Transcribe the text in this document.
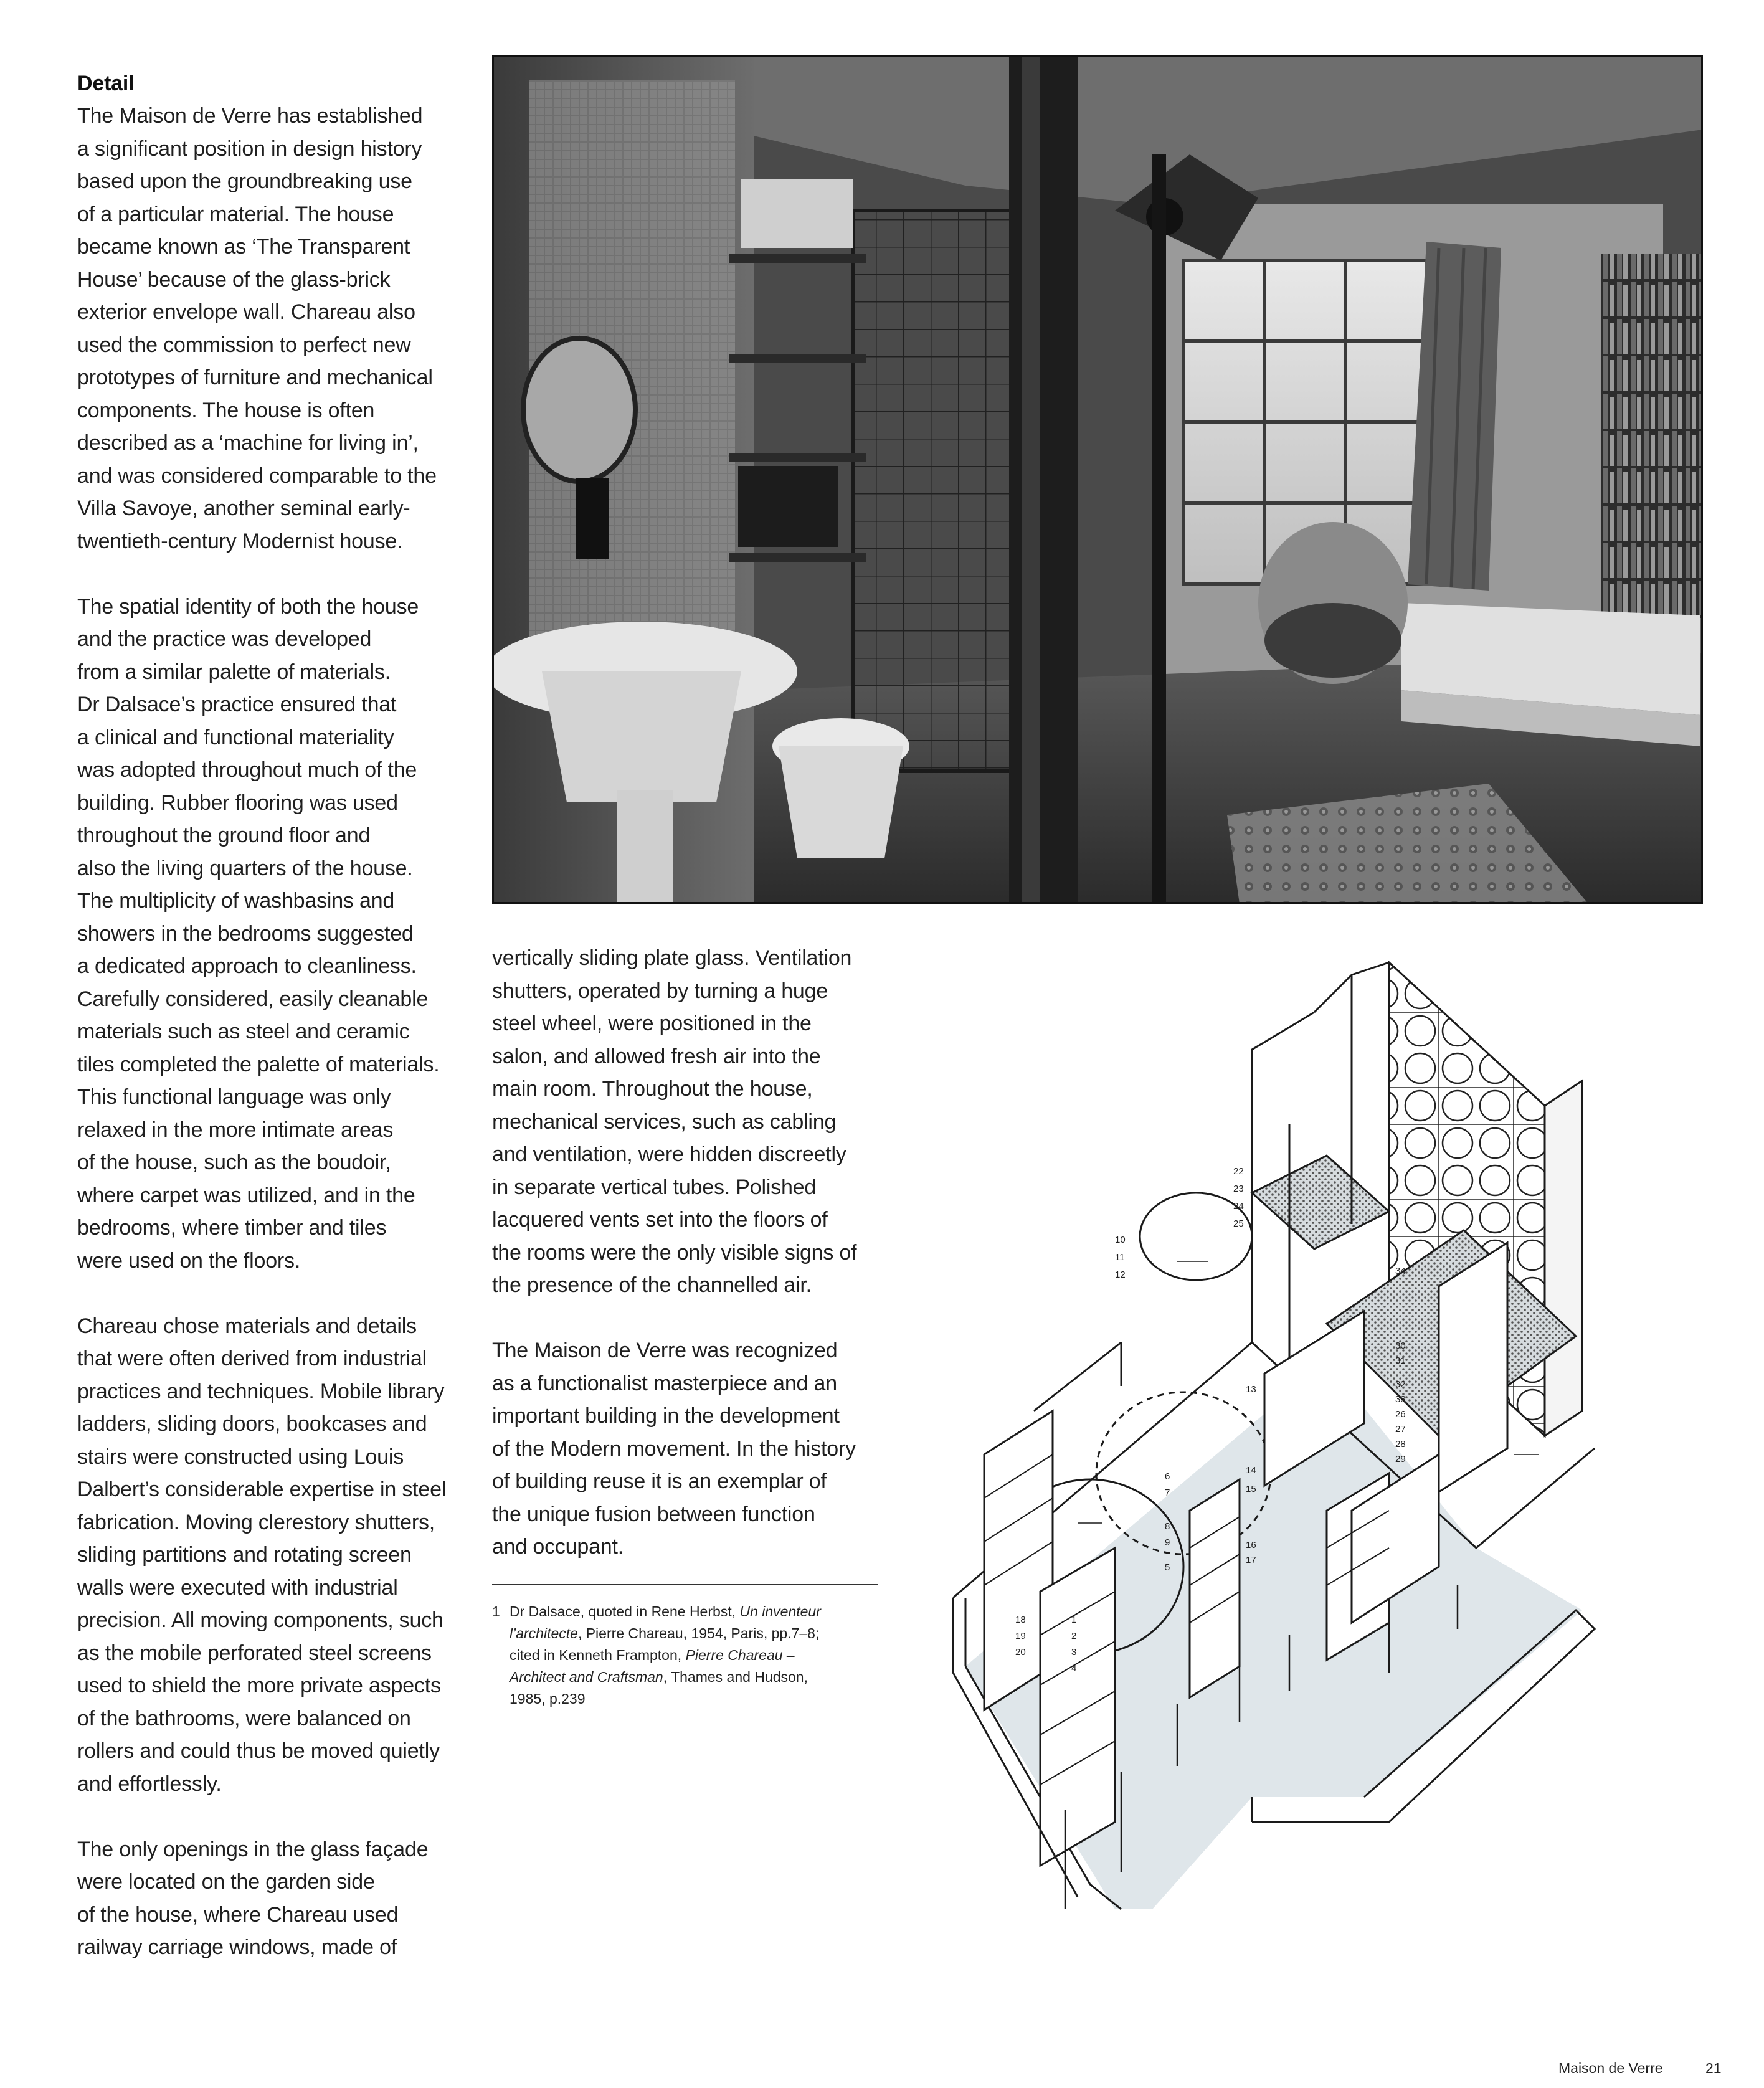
Detail
The Maison de Verre has established
a significant position in design history
based upon the groundbreaking use
of a particular material. The house
became known as ‘The Transparent
House’ because of the glass-brick
exterior envelope wall. Chareau also
used the commission to perfect new
prototypes of furniture and mechanical
components. The house is often
described as a ‘machine for living in’,
and was considered comparable to the
Villa Savoye, another seminal early-
twentieth-century Modernist house.
The spatial identity of both the house
and the practice was developed
from a similar palette of materials.
Dr Dalsace’s practice ensured that
a clinical and functional materiality
was adopted throughout much of the
building. Rubber flooring was used
throughout the ground floor and
also the living quarters of the house.
The multiplicity of washbasins and
showers in the bedrooms suggested
a dedicated approach to cleanliness.
Carefully considered, easily cleanable
materials such as steel and ceramic
tiles completed the palette of materials.
This functional language was only
relaxed in the more intimate areas
of the house, such as the boudoir,
where carpet was utilized, and in the
bedrooms, where timber and tiles
were used on the floors.
Chareau chose materials and details
that were often derived from industrial
practices and techniques. Mobile library
ladders, sliding doors, bookcases and
stairs were constructed using Louis
Dalbert’s considerable expertise in steel
fabrication. Moving clerestory shutters,
sliding partitions and rotating screen
walls were executed with industrial
precision. All moving components, such
as the mobile perforated steel screens
used to shield the more private aspects
of the bathrooms, were balanced on
rollers and could thus be moved quietly
and effortlessly.
The only openings in the glass façade
were located on the garden side
of the house, where Chareau used
railway carriage windows, made of
vertically sliding plate glass. Ventilation
shutters, operated by turning a huge
steel wheel, were positioned in the
salon, and allowed fresh air into the
main room. Throughout the house,
mechanical services, such as cabling
and ventilation, were hidden discreetly
in separate vertical tubes. Polished
lacquered vents set into the floors of
the rooms were the only visible signs of
the presence of the channelled air.
The Maison de Verre was recognized
as a functionalist masterpiece and an
important building in the development
of the Modern movement. In the history
of building reuse it is an exemplar of
the unique fusion between function
and occupant.
1 Dr Dalsace, quoted in Rene Herbst, Un inventeur
l’architecte, Pierre Chareau, 1954, Paris, pp.7–8;
cited in Kenneth Frampton, Pierre Chareau –
Architect and Craftsman, Thames and Hudson,
1985, p.239
22
23
24
25
10
11
12	34
30
31
32
33
26
27
28
29
13
14
15
16
17
6
7
8
9
5
1
2
3
4
18
19
20
Maison de Verre	21
